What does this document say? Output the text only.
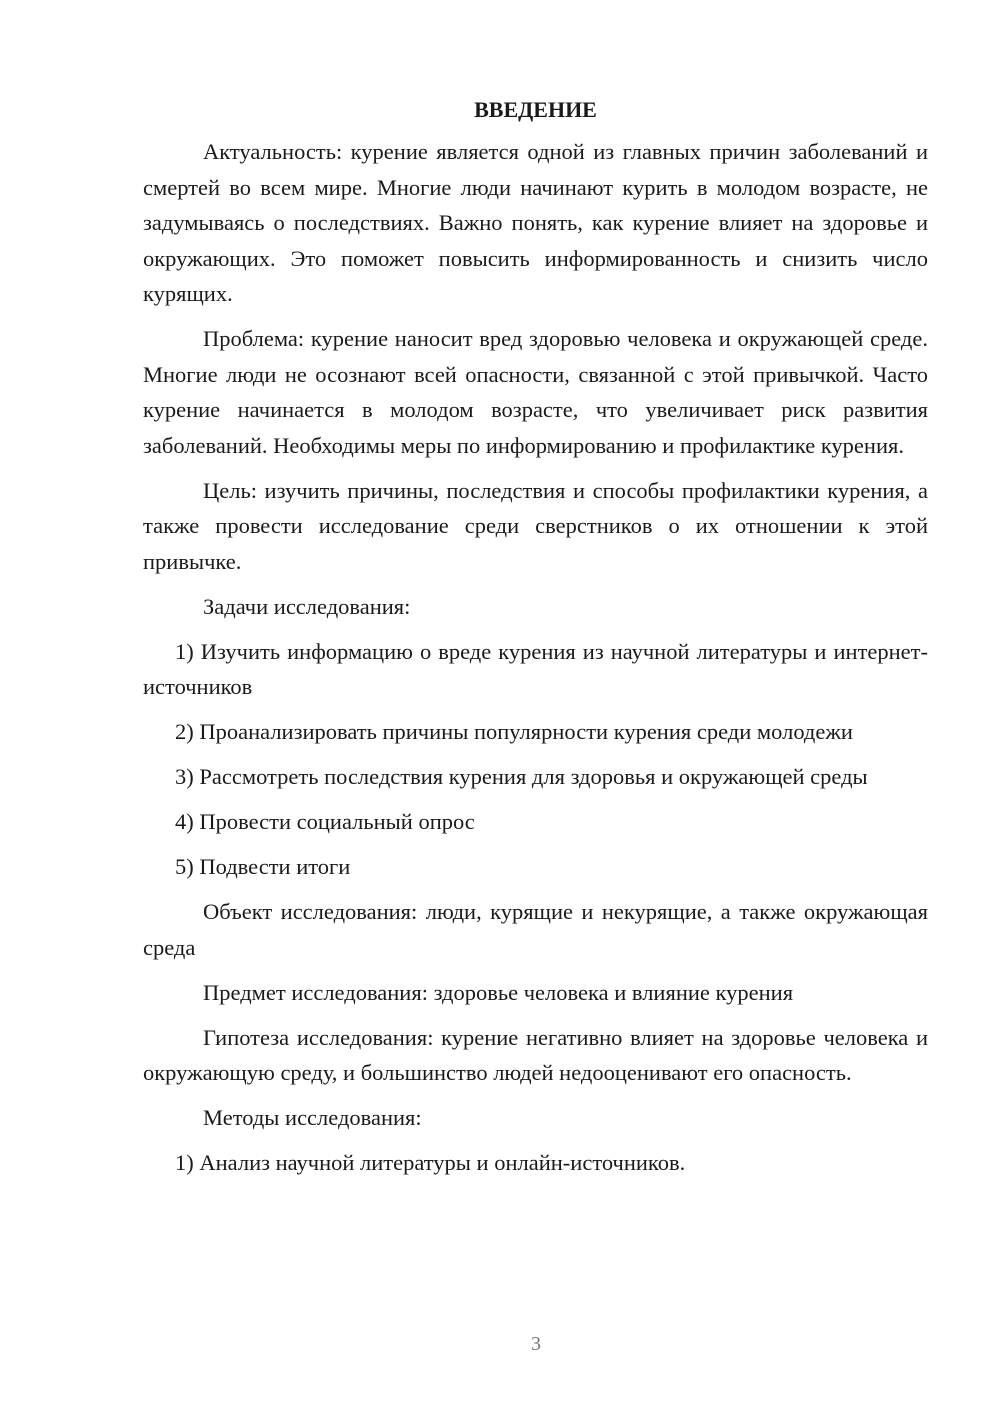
ВВЕДЕНИЕ

Актуальность: курение является одной из главных причин заболеваний и смертей во всем мире. Многие люди начинают курить в молодом возрасте, не задумываясь о последствиях. Важно понять, как курение влияет на здоровье и окружающих. Это поможет повысить информированность и снизить число курящих.

Проблема: курение наносит вред здоровью человека и окружающей среде. Многие люди не осознают всей опасности, связанной с этой привычкой. Часто курение начинается в молодом возрасте, что увеличивает риск развития заболеваний. Необходимы меры по информированию и профилактике курения.

Цель: изучить причины, последствия и способы профилактики курения, а также провести исследование среди сверстников о их отношении к этой привычке.

Задачи исследования:

1) Изучить информацию о вреде курения из научной литературы и интернет-источников

2) Проанализировать причины популярности курения среди молодежи

3) Рассмотреть последствия курения для здоровья и окружающей среды

4) Провести социальный опрос

5) Подвести итоги

Объект исследования: люди, курящие и некурящие, а также окружающая среда

Предмет исследования: здоровье человека и влияние курения

Гипотеза исследования: курение негативно влияет на здоровье человека и окружающую среду, и большинство людей недооценивают его опасность.

Методы исследования:

1) Анализ научной литературы и онлайн-источников.

3
